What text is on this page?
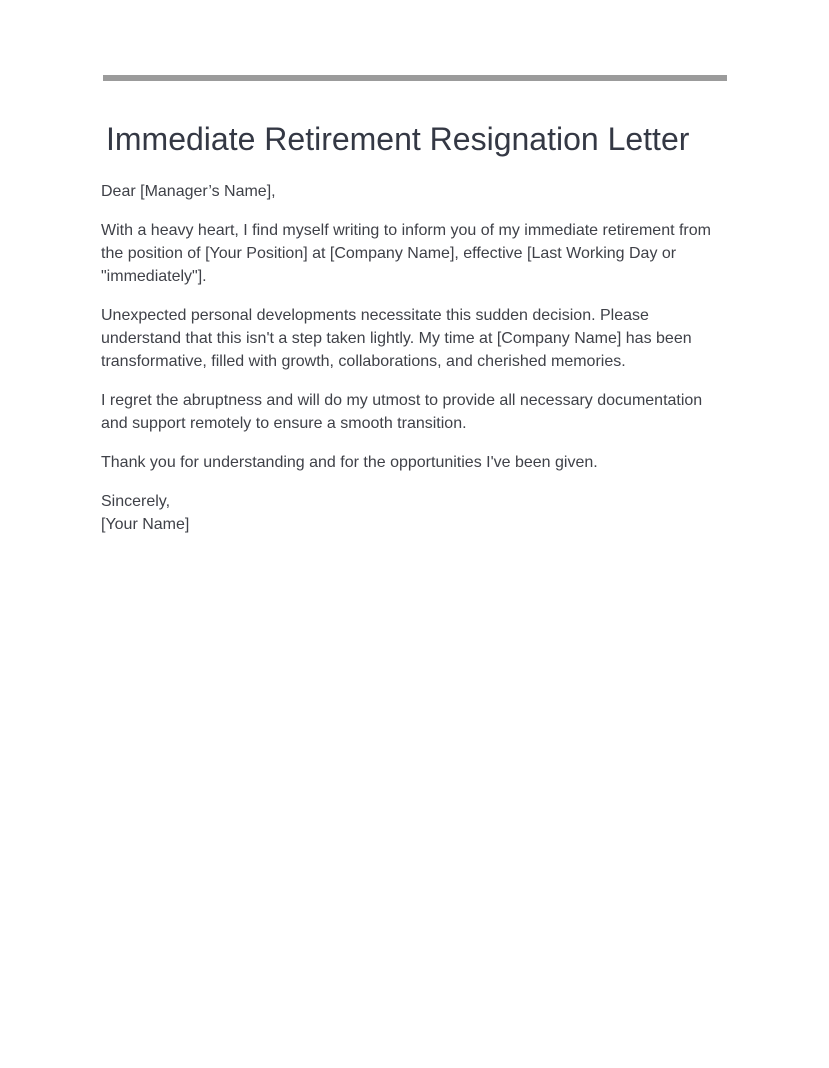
Immediate Retirement Resignation Letter

Dear [Manager’s Name],

With a heavy heart, I find myself writing to inform you of my immediate retirement from the position of [Your Position] at [Company Name], effective [Last Working Day or "immediately"].

Unexpected personal developments necessitate this sudden decision. Please understand that this isn't a step taken lightly. My time at [Company Name] has been transformative, filled with growth, collaborations, and cherished memories.

I regret the abruptness and will do my utmost to provide all necessary documentation and support remotely to ensure a smooth transition.

Thank you for understanding and for the opportunities I've been given.

Sincerely,
[Your Name]
